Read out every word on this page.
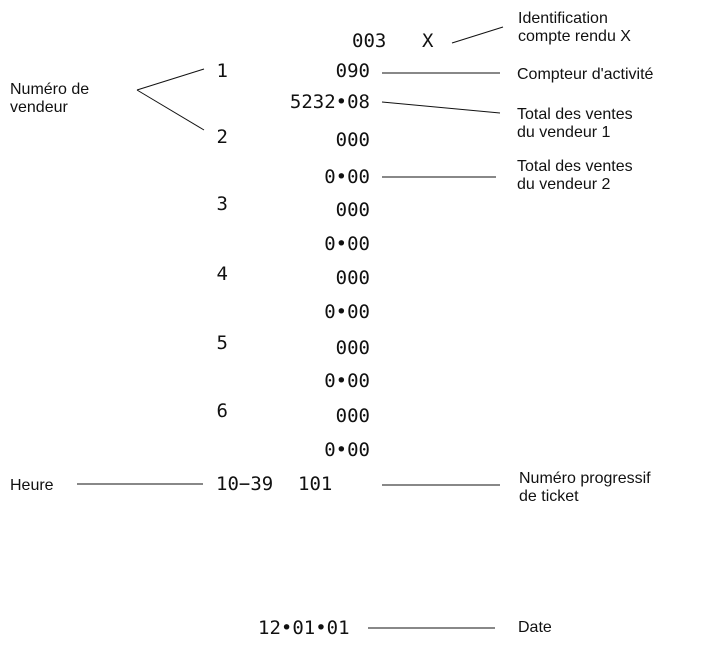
003 X
1	090
5232•08
2	000
0•00
3	000
0•00
4	000
0•00
5	000
0•00
6	000
0•00
10−39 101
12•01•01
Identification
compte rendu X
Numéro de
vendeur
Compteur d'activité
Total des ventes
du vendeur 1
Total des ventes
du vendeur 2
Heure	Numéro progressif
de ticket
Date
